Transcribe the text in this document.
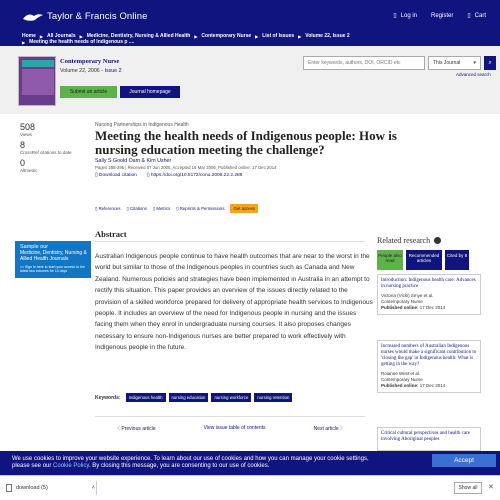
Taylor & Francis Online	▯ Log in Register ▯ Cart
Home ▶ All Journals ▶ Medicine, Dentistry, Nursing & Allied Health ▶ Contemporary Nurse ▶ List of Issues ▶ Volume 22, Issue 2
▶ Meeting the health needs of Indigenous p ....
Contemporary Nurse
Volume 22, 2006 - Issue 2
Submit an article	Journal homepage
Enter keywords, authors, DOI, ORCID etc	This Journal	▾ ⌕
Advanced search
508
Views
8
CrossRef citations to date
0
Altmetric
Nursing Partnerships in Indigenous Health
Meeting the health needs of Indigenous people: How is nursing education meeting the challenge?
Sally S Goold Oam & Kim Usher
Pages 288-295 | Received 07 Jun 2005, Accepted 16 Mar 2006, Published online: 17 Dec 2014
▯ Download citation ▯ https://doi.org/10.5172/conu.2006.22.2.288
▯ References ▯ Citations ▯ Metrics ▯ Reprints & Permissions	Get access
Sample our
Medicine, Dentistry, Nursing & Allied Health Journals
>> Sign in here to start your access to the latest two volumes for 14 days
Abstract
Australian Indigenous people continue to have health outcomes that are near to the worst in the world but similar to those of the Indigenous peoples in countries such as Canada and New Zealand. Numerous policies and strategies have been implemented in Australia in an attempt to rectify this situation. This paper provides an overview of the issues directly related to the provision of a skilled workforce prepared for delivery of appropriate health services to Indigenous people. It includes an overview of the need for Indigenous people in nursing and the issues facing them when they enrol in undergraduate nursing courses. It also proposes changes necessary to ensure non-Indigenous nurses are better prepared to work effectively with Indigenous people in the future.
Keywords:	Indigenous health	nursing education	nursing workforce	nursing retention
〈 Previous article	View issue table of contents	Next article 〉
Related research
People also read
Recommended articles
Cited by 8
Introduction: Indigenous health care: Advances in nursing practice
Victoria (Vicki) Smye et al.
Contemporary Nurse
Published online: 17 Dec 2014
Increased numbers of Australian Indigenous nurses would make a significant contribution to 'closing the gap' in Indigenous health: What is getting in the way?
Roianne West et al.
Contemporary Nurse
Published online: 17 Dec 2014
Critical cultural perspectives and health care involving Aboriginal peoples
We use cookies to improve your website experience. To learn about our use of cookies and how you can manage your cookie settings,
please see our Cookie Policy. By closing this message, you are consenting to our use of cookies.
Accept
download (5)	˄	Show all	✕
